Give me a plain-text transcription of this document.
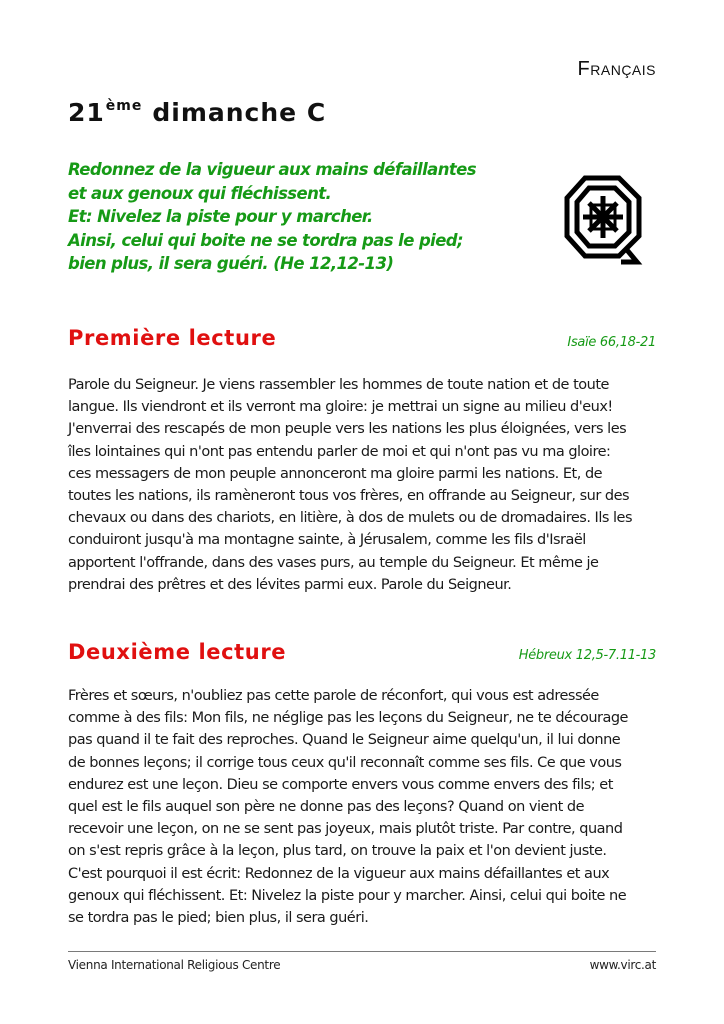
Français
21ème dimanche C
Redonnez de la vigueur aux mains défaillantes
et aux genoux qui fléchissent.
Et: Nivelez la piste pour y marcher.
Ainsi, celui qui boite ne se tordra pas le pied;
bien plus, il sera guéri. (He 12,12-13)
Première lecture	Isaïe 66,18-21
Parole du Seigneur. Je viens rassembler les hommes de toute nation et de toute
langue. Ils viendront et ils verront ma gloire: je mettrai un signe au milieu d'eux!
J'enverrai des rescapés de mon peuple vers les nations les plus éloignées, vers les
îles lointaines qui n'ont pas entendu parler de moi et qui n'ont pas vu ma gloire:
ces messagers de mon peuple annonceront ma gloire parmi les nations. Et, de
toutes les nations, ils ramèneront tous vos frères, en offrande au Seigneur, sur des
chevaux ou dans des chariots, en litière, à dos de mulets ou de dromadaires. Ils les
conduiront jusqu'à ma montagne sainte, à Jérusalem, comme les fils d'Israël
apportent l'offrande, dans des vases purs, au temple du Seigneur. Et même je
prendrai des prêtres et des lévites parmi eux. Parole du Seigneur.
Deuxième lecture	Hébreux 12,5-7.11-13
Frères et sœurs, n'oubliez pas cette parole de réconfort, qui vous est adressée
comme à des fils: Mon fils, ne néglige pas les leçons du Seigneur, ne te décourage
pas quand il te fait des reproches. Quand le Seigneur aime quelqu'un, il lui donne
de bonnes leçons; il corrige tous ceux qu'il reconnaît comme ses fils. Ce que vous
endurez est une leçon. Dieu se comporte envers vous comme envers des fils; et
quel est le fils auquel son père ne donne pas des leçons? Quand on vient de
recevoir une leçon, on ne se sent pas joyeux, mais plutôt triste. Par contre, quand
on s'est repris grâce à la leçon, plus tard, on trouve la paix et l'on devient juste.
C'est pourquoi il est écrit: Redonnez de la vigueur aux mains défaillantes et aux
genoux qui fléchissent. Et: Nivelez la piste pour y marcher. Ainsi, celui qui boite ne
se tordra pas le pied; bien plus, il sera guéri.
Vienna International Religious Centre	www.virc.at
